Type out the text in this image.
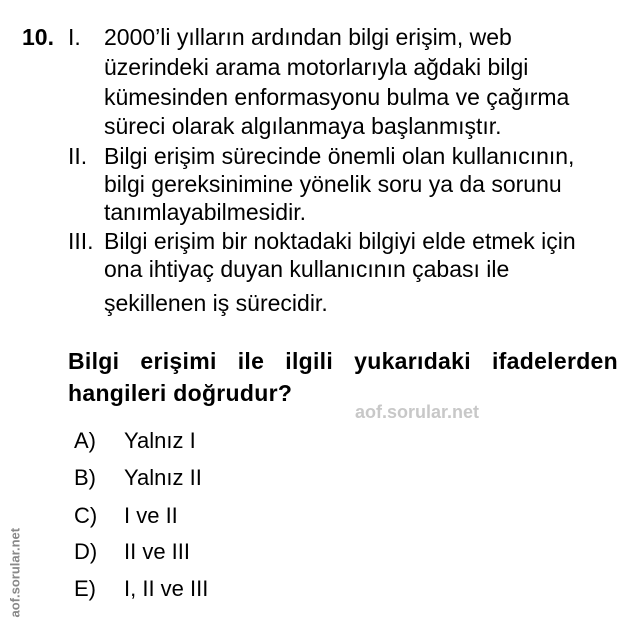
10. I. 2000’li yılların ardından bilgi erişim, web
üzerindeki arama motorlarıyla ağdaki bilgi
kümesinden enformasyonu bulma ve çağırma
süreci olarak algılanmaya başlanmıştır.
II. Bilgi erişim sürecinde önemli olan kullanıcının,
bilgi gereksinimine yönelik soru ya da sorunu
tanımlayabilmesidir.
III. Bilgi erişim bir noktadaki bilgiyi elde etmek için
ona ihtiyaç duyan kullanıcının çabası ile
şekillenen iş sürecidir.
Bilgi erişimi ile ilgili yukarıdaki ifadelerden
hangileri doğrudur?
aof.sorular.net
A) Yalnız I
B) Yalnız II
C) I ve II
D) II ve III
E) I, II ve III
aof.sorular.net
